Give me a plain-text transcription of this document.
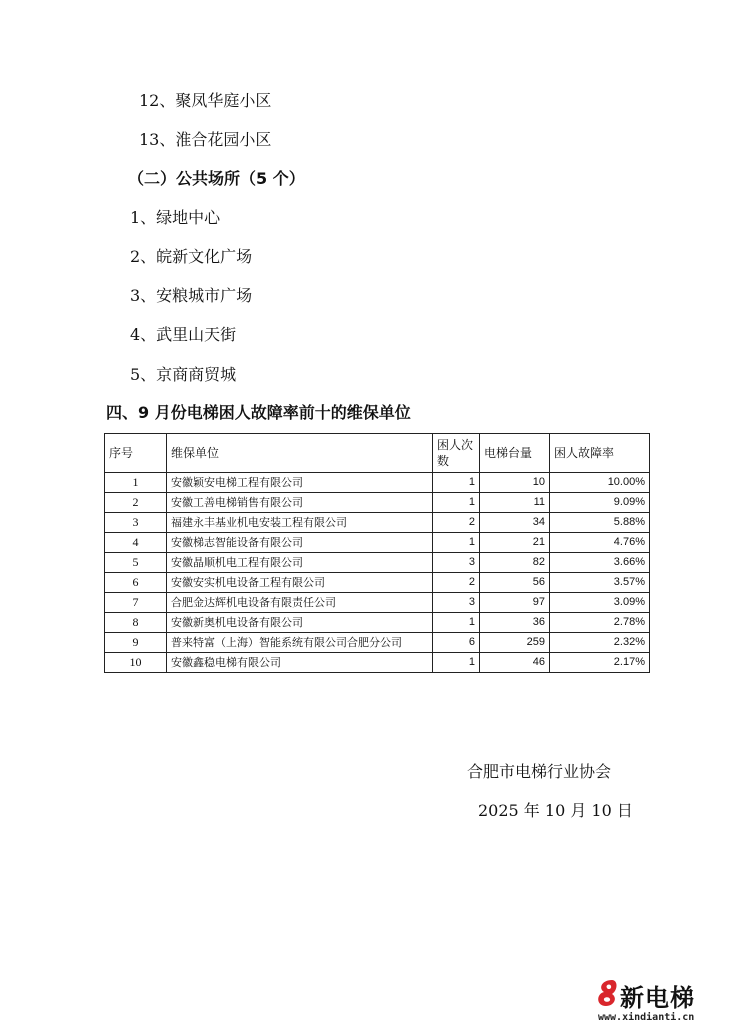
12、聚凤华庭小区
13、淮合花园小区
（二）公共场所（5 个）
1、绿地中心
2、皖新文化广场
3、安粮城市广场
4、武里山天街
5、京商商贸城
四、9 月份电梯困人故障率前十的维保单位
序号	维保单位	困人次数	电梯台量	困人故障率
1	安徽颖安电梯工程有限公司	1	10	10.00%
2	安徽工善电梯销售有限公司	1	11	9.09%
3	福建永丰基业机电安装工程有限公司	2	34	5.88%
4	安徽梯志智能设备有限公司	1	21	4.76%
5	安徽晶顺机电工程有限公司	3	82	3.66%
6	安徽安实机电设备工程有限公司	2	56	3.57%
7	合肥金达辉机电设备有限责任公司	3	97	3.09%
8	安徽新奥机电设备有限公司	1	36	2.78%
9	普来特富（上海）智能系统有限公司合肥分公司	6	259	2.32%
10	安徽鑫稳电梯有限公司	1	46	2.17%
合肥市电梯行业协会
2025 年 10 月 10 日
新电梯
www.xindianti.cn
